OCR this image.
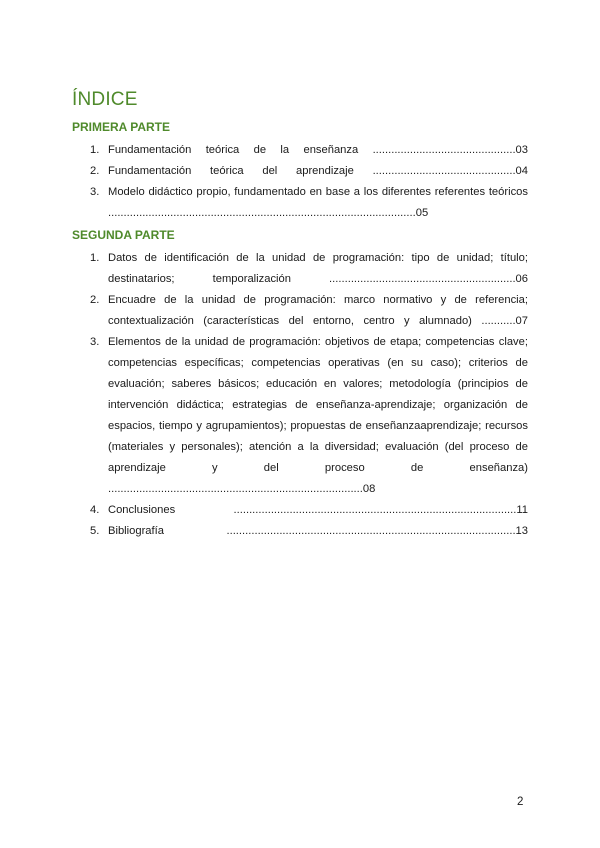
ÍNDICE
PRIMERA PARTE
1. Fundamentación teórica de la enseñanza ..............................................03
2. Fundamentación teórica del aprendizaje ..............................................04
3. Modelo didáctico propio, fundamentado en base a los diferentes referentes teóricos ...................................................................................................05
SEGUNDA PARTE
1. Datos de identificación de la unidad de programación: tipo de unidad; título; destinatarios; temporalización ............................................................06
2. Encuadre de la unidad de programación: marco normativo y de referencia; contextualización (características del entorno, centro y alumnado) ...........07
3. Elementos de la unidad de programación: objetivos de etapa; competencias clave; competencias específicas; competencias operativas (en su caso); criterios de evaluación; saberes básicos; educación en valores; metodología (principios de intervención didáctica; estrategias de enseñanza-aprendizaje; organización de espacios, tiempo y agrupamientos); propuestas de enseñanzaaprendizaje; recursos (materiales y personales); atención a la diversidad; evaluación (del proceso de aprendizaje y del proceso de enseñanza) ..................................................................................08
4. Conclusiones ...........................................................................................11
5. Bibliografía .............................................................................................13
2
